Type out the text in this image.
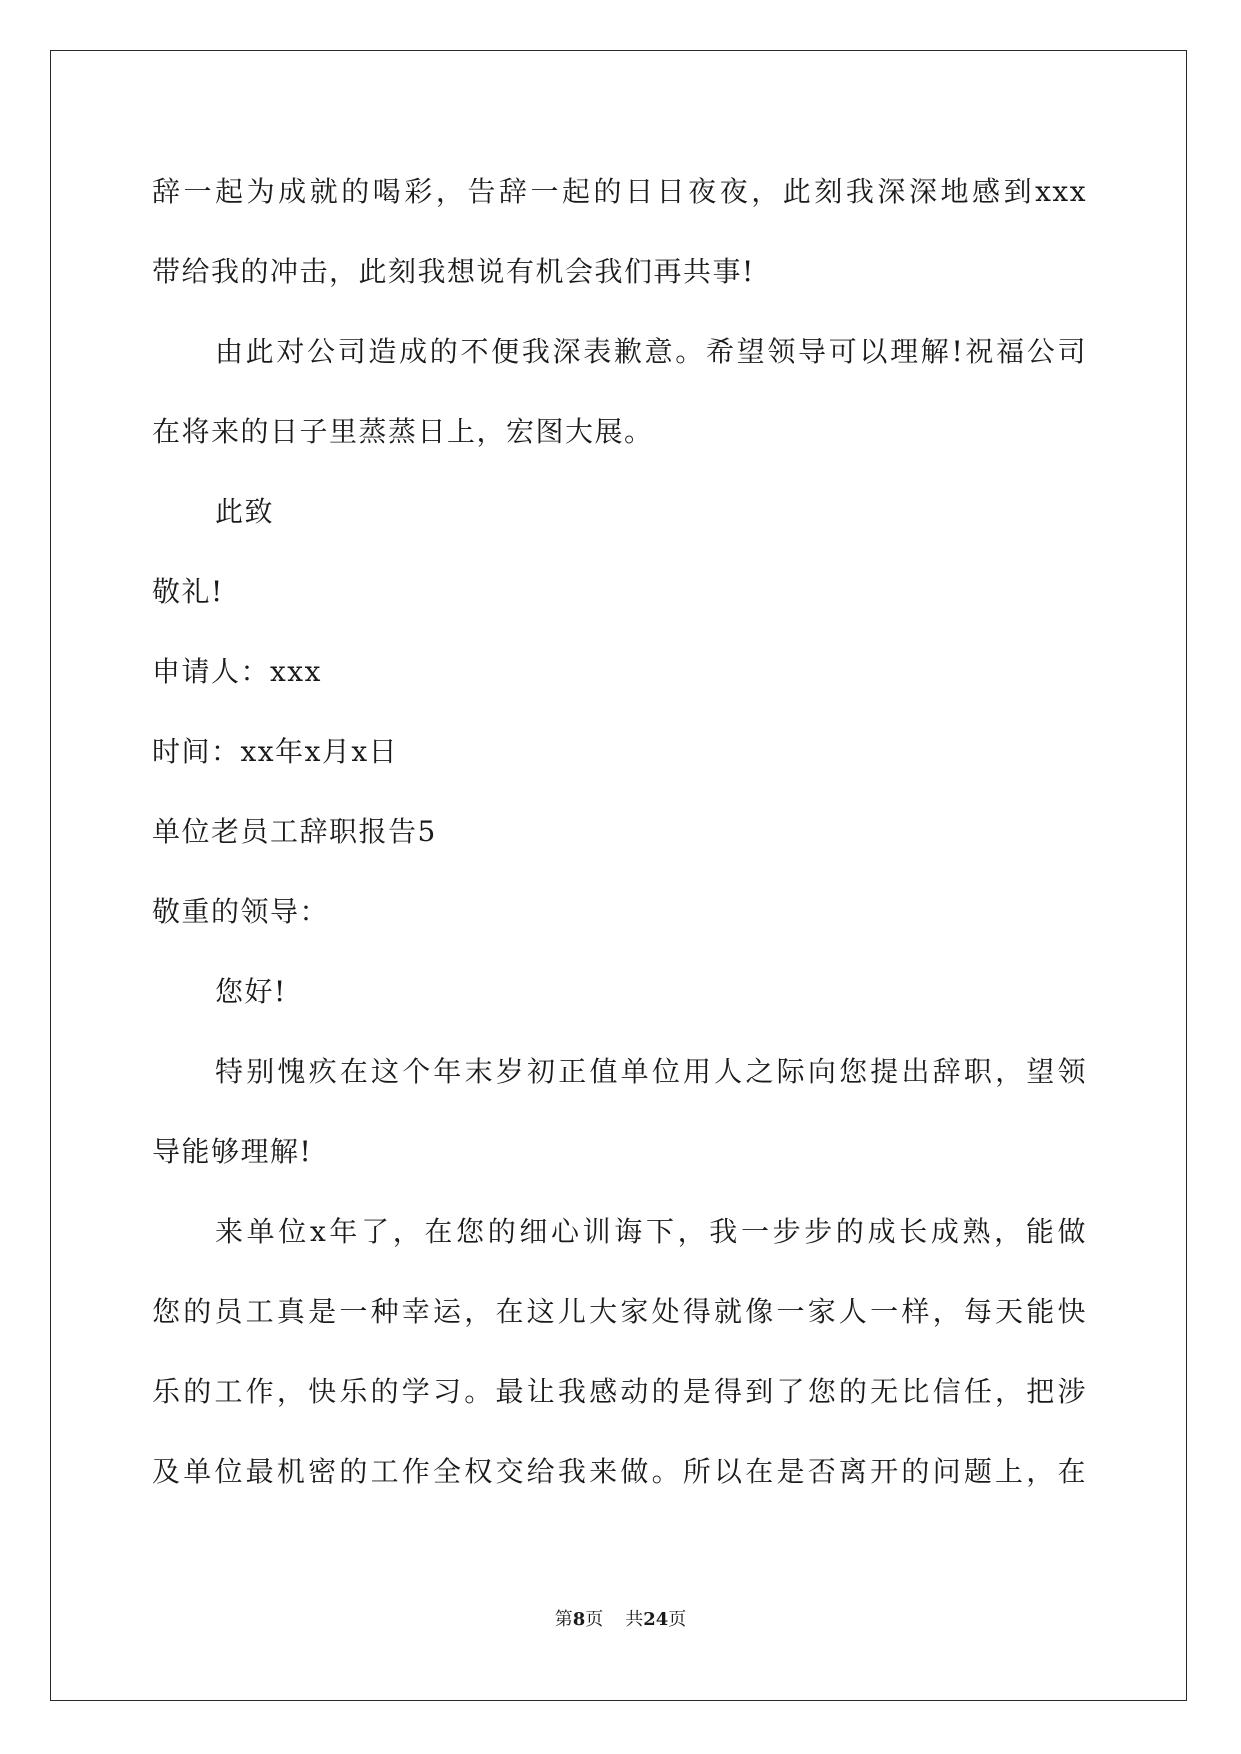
辞一起为成就的喝彩，告辞一起的日日夜夜，此刻我深深地感到xxx
带给我的冲击，此刻我想说有机会我们再共事!
由此对公司造成的不便我深表歉意。希望领导可以理解!祝福公司
在将来的日子里蒸蒸日上，宏图大展。
此致
敬礼!
申请人：xxx
时间：xx年x月x日
单位老员工辞职报告5
敬重的领导：
您好!
特别愧疚在这个年末岁初正值单位用人之际向您提出辞职，望领
导能够理解!
来单位x年了，在您的细心训诲下，我一步步的成长成熟，能做
您的员工真是一种幸运，在这儿大家处得就像一家人一样，每天能快
乐的工作，快乐的学习。最让我感动的是得到了您的无比信任，把涉
及单位最机密的工作全权交给我来做。所以在是否离开的问题上，在
第8页 共24页
